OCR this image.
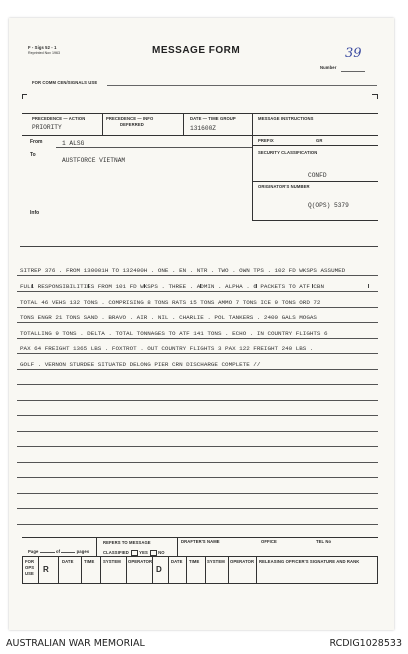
F - Sigs 52 - 1
Reprinted Nov 1963	MESSAGE FORM
Number
39
FOR COMM CEN/SIGNALS USE
PRECEDENCE — ACTION
PRIORITY
PRECEDENCE — INFO
DEFERRED
DATE — TIME GROUP
131600Z
MESSAGE INSTRUCTIONS
PREFIX	GR
From	1 ALSG
To
AUSTFORCE VIETNAM
Info
SECURITY CLASSIFICATION
CONFD
ORIGINATOR'S NUMBER
Q(OPS) 5379
SITREP 376 . FROM 130001H TO 132400H . ONE . EN . NTR . TWO . OWN TPS . 102 FD WKSPS ASSUMED
FULL RESPONSIBILITIES FROM 101 FD WKSPS . THREE . ADMIN . ALPHA . 6 PACKETS TO ATF CBN
TOTAL 46 VEHS 132 TONS . COMPRISING 8 TONS RATS 15 TONS AMMO 7 TONS ICE 9 TONS ORD 72
TONS ENGR 21 TONS SAND . BRAVO . AIR . NIL . CHARLIE . POL TANKERS . 2400 GALS MOGAS
TOTALLING 9 TONS . DELTA . TOTAL TONNAGES TO ATF 141 TONS . ECHO . IN COUNTRY FLIGHTS 6
PAX 64 FREIGHT 1365 LBS . FOXTROT . OUT COUNTRY FLIGHTS 3 PAX 122 FREIGHT 240 LBS .
GOLF . VERNON STURDEE SITUATED DELONG PIER CRN DISCHARGE COMPLETE //
REFERS TO MESSAGE
CLASSIFIED YES NO
DRAFTER'S NAME	OFFICE	TEL No
Page	of	pages
FOR
OPS
USE R
DATE	TIME SYSTEM OPERATOR
D
DATE TIME SYSTEM OPERATOR RELEASING OFFICER'S SIGNATURE AND RANK
AUSTRALIAN WAR MEMORIAL	RCDIG1028533
